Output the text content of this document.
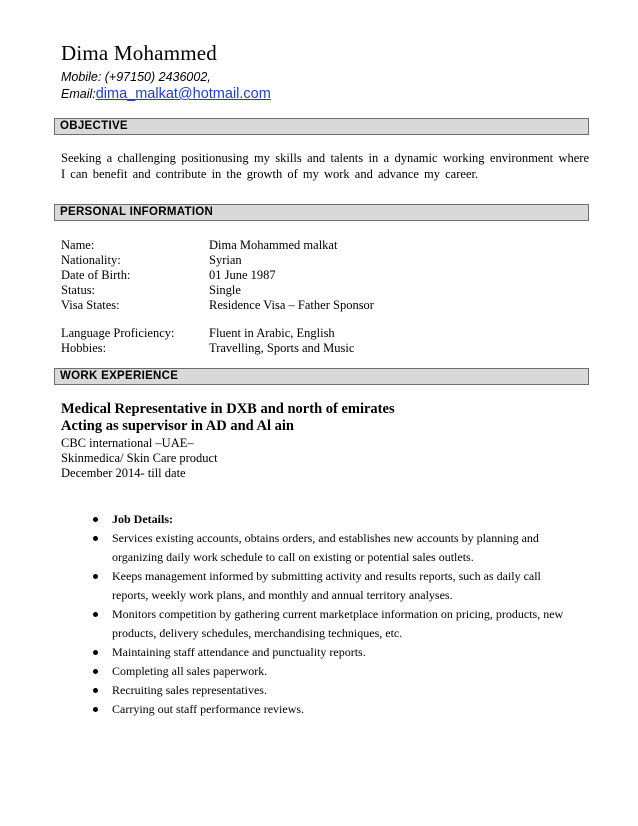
Dima Mohammed
Mobile: (+97150) 2436002,
Email:dima_malkat@hotmail.com
OBJECTIVE
Seeking a challenging positionusing my skills and talents in a dynamic working environment where I can benefit and contribute in the growth of my work and advance my career.
PERSONAL INFORMATION
Name:	Dima Mohammed malkat
Nationality:	Syrian
Date of Birth:	01 June 1987
Status:	Single
Visa States:	Residence Visa – Father Sponsor
Language Proficiency:	Fluent in Arabic, English
Hobbies:	Travelling, Sports and Music
WORK EXPERIENCE
Medical Representative in DXB and north of emirates
Acting as supervisor in AD and Al ain
CBC international –UAE–
Skinmedica/ Skin Care product
December 2014- till date
Job Details:
Services existing accounts, obtains orders, and establishes new accounts by planning and organizing daily work schedule to call on existing or potential sales outlets.
Keeps management informed by submitting activity and results reports, such as daily call reports, weekly work plans, and monthly and annual territory analyses.
Monitors competition by gathering current marketplace information on pricing, products, new products, delivery schedules, merchandising techniques, etc.
Maintaining staff attendance and punctuality reports.
Completing all sales paperwork.
Recruiting sales representatives.
Carrying out staff performance reviews.
